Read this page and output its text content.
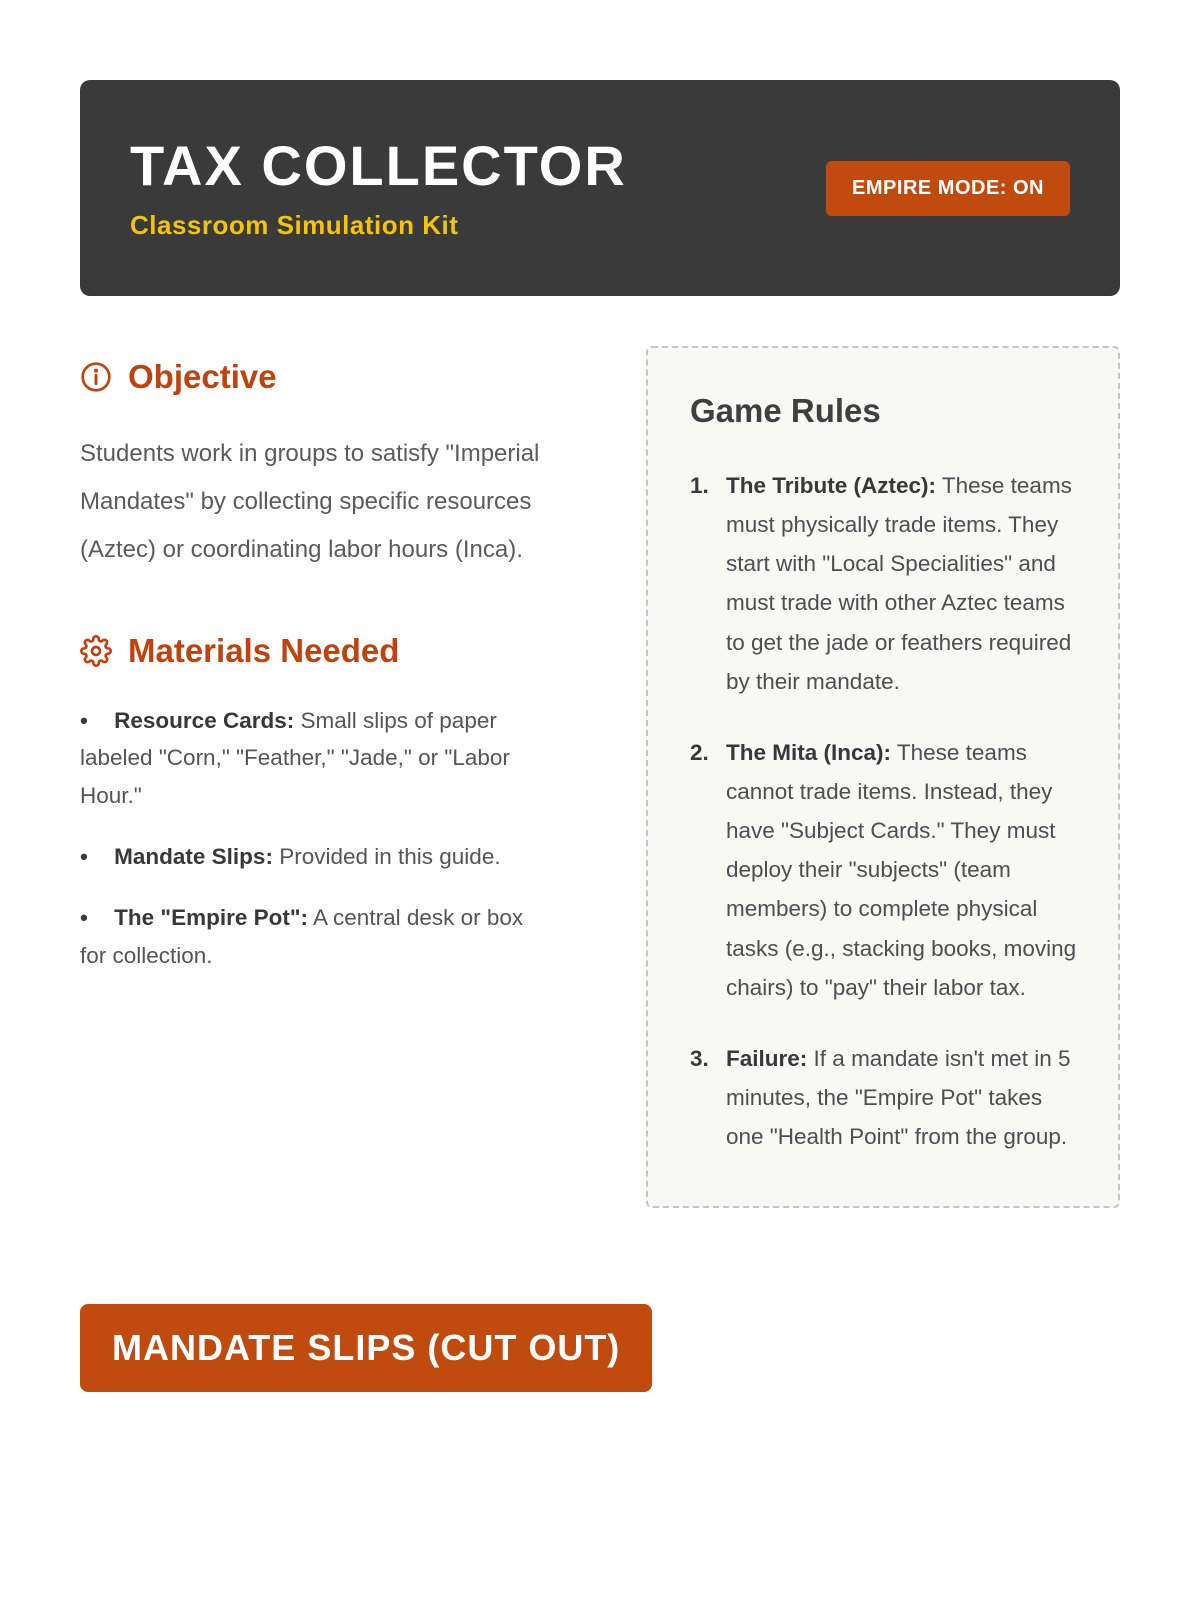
TAX COLLECTOR
Classroom Simulation Kit
EMPIRE MODE: ON
Objective

Students work in groups to satisfy "Imperial Mandates" by collecting specific resources (Aztec) or coordinating labor hours (Inca).

Materials Needed
• Resource Cards: Small slips of paper labeled "Corn," "Feather," "Jade," or "Labor Hour."
• Mandate Slips: Provided in this guide.
• The "Empire Pot": A central desk or box for collection.
Game Rules
The Tribute (Aztec): These teams must physically trade items. They start with "Local Specialities" and must trade with other Aztec teams to get the jade or feathers required by their mandate.
The Mita (Inca): These teams cannot trade items. Instead, they have "Subject Cards." They must deploy their "subjects" (team members) to complete physical tasks (e.g., stacking books, moving chairs) to "pay" their labor tax.
Failure: If a mandate isn't met in 5 minutes, the "Empire Pot" takes one "Health Point" from the group.
MANDATE SLIPS (CUT OUT)
